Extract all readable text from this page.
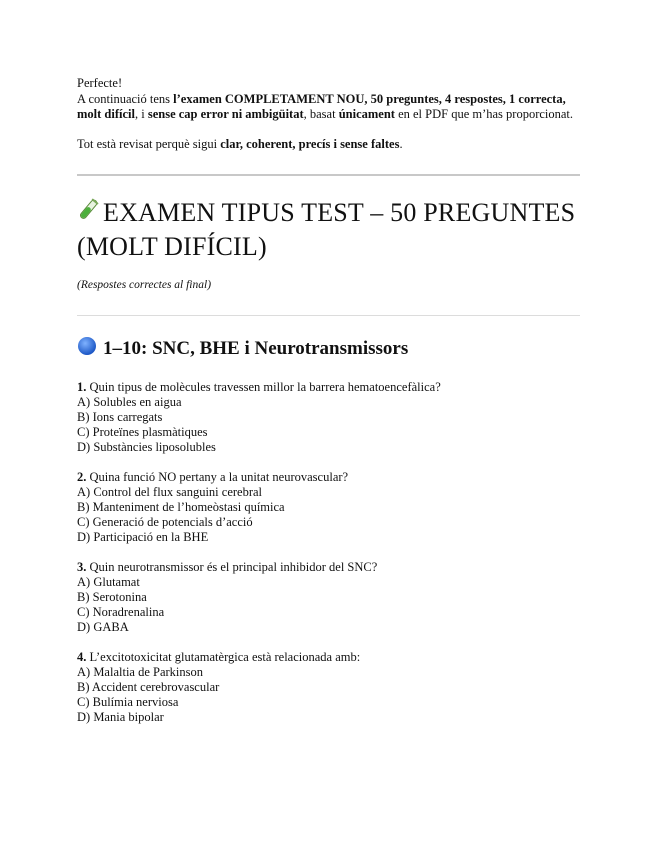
Perfecte!
A continuació tens l’examen COMPLETAMENT NOU, 50 preguntes, 4 respostes, 1 correcta, molt difícil, i sense cap error ni ambigüitat, basat únicament en el PDF que m’has proporcionat.

Tot està revisat perquè sigui clar, coherent, precís i sense faltes.

EXAMEN TIPUS TEST – 50 PREGUNTES (MOLT DIFÍCIL)

(Respostes correctes al final)

1–10: SNC, BHE i Neurotransmissors
1. Quin tipus de molècules travessen millor la barrera hematoencefàlica?
A) Solubles en aigua
B) Ions carregats
C) Proteïnes plasmàtiques
D) Substàncies liposolubles
2. Quina funció NO pertany a la unitat neurovascular?
A) Control del flux sanguini cerebral
B) Manteniment de l’homeòstasi química
C) Generació de potencials d’acció
D) Participació en la BHE
3. Quin neurotransmissor és el principal inhibidor del SNC?
A) Glutamat
B) Serotonina
C) Noradrenalina
D) GABA
4. L’excitotoxicitat glutamatèrgica està relacionada amb:
A) Malaltia de Parkinson
B) Accident cerebrovascular
C) Bulímia nerviosa
D) Mania bipolar
